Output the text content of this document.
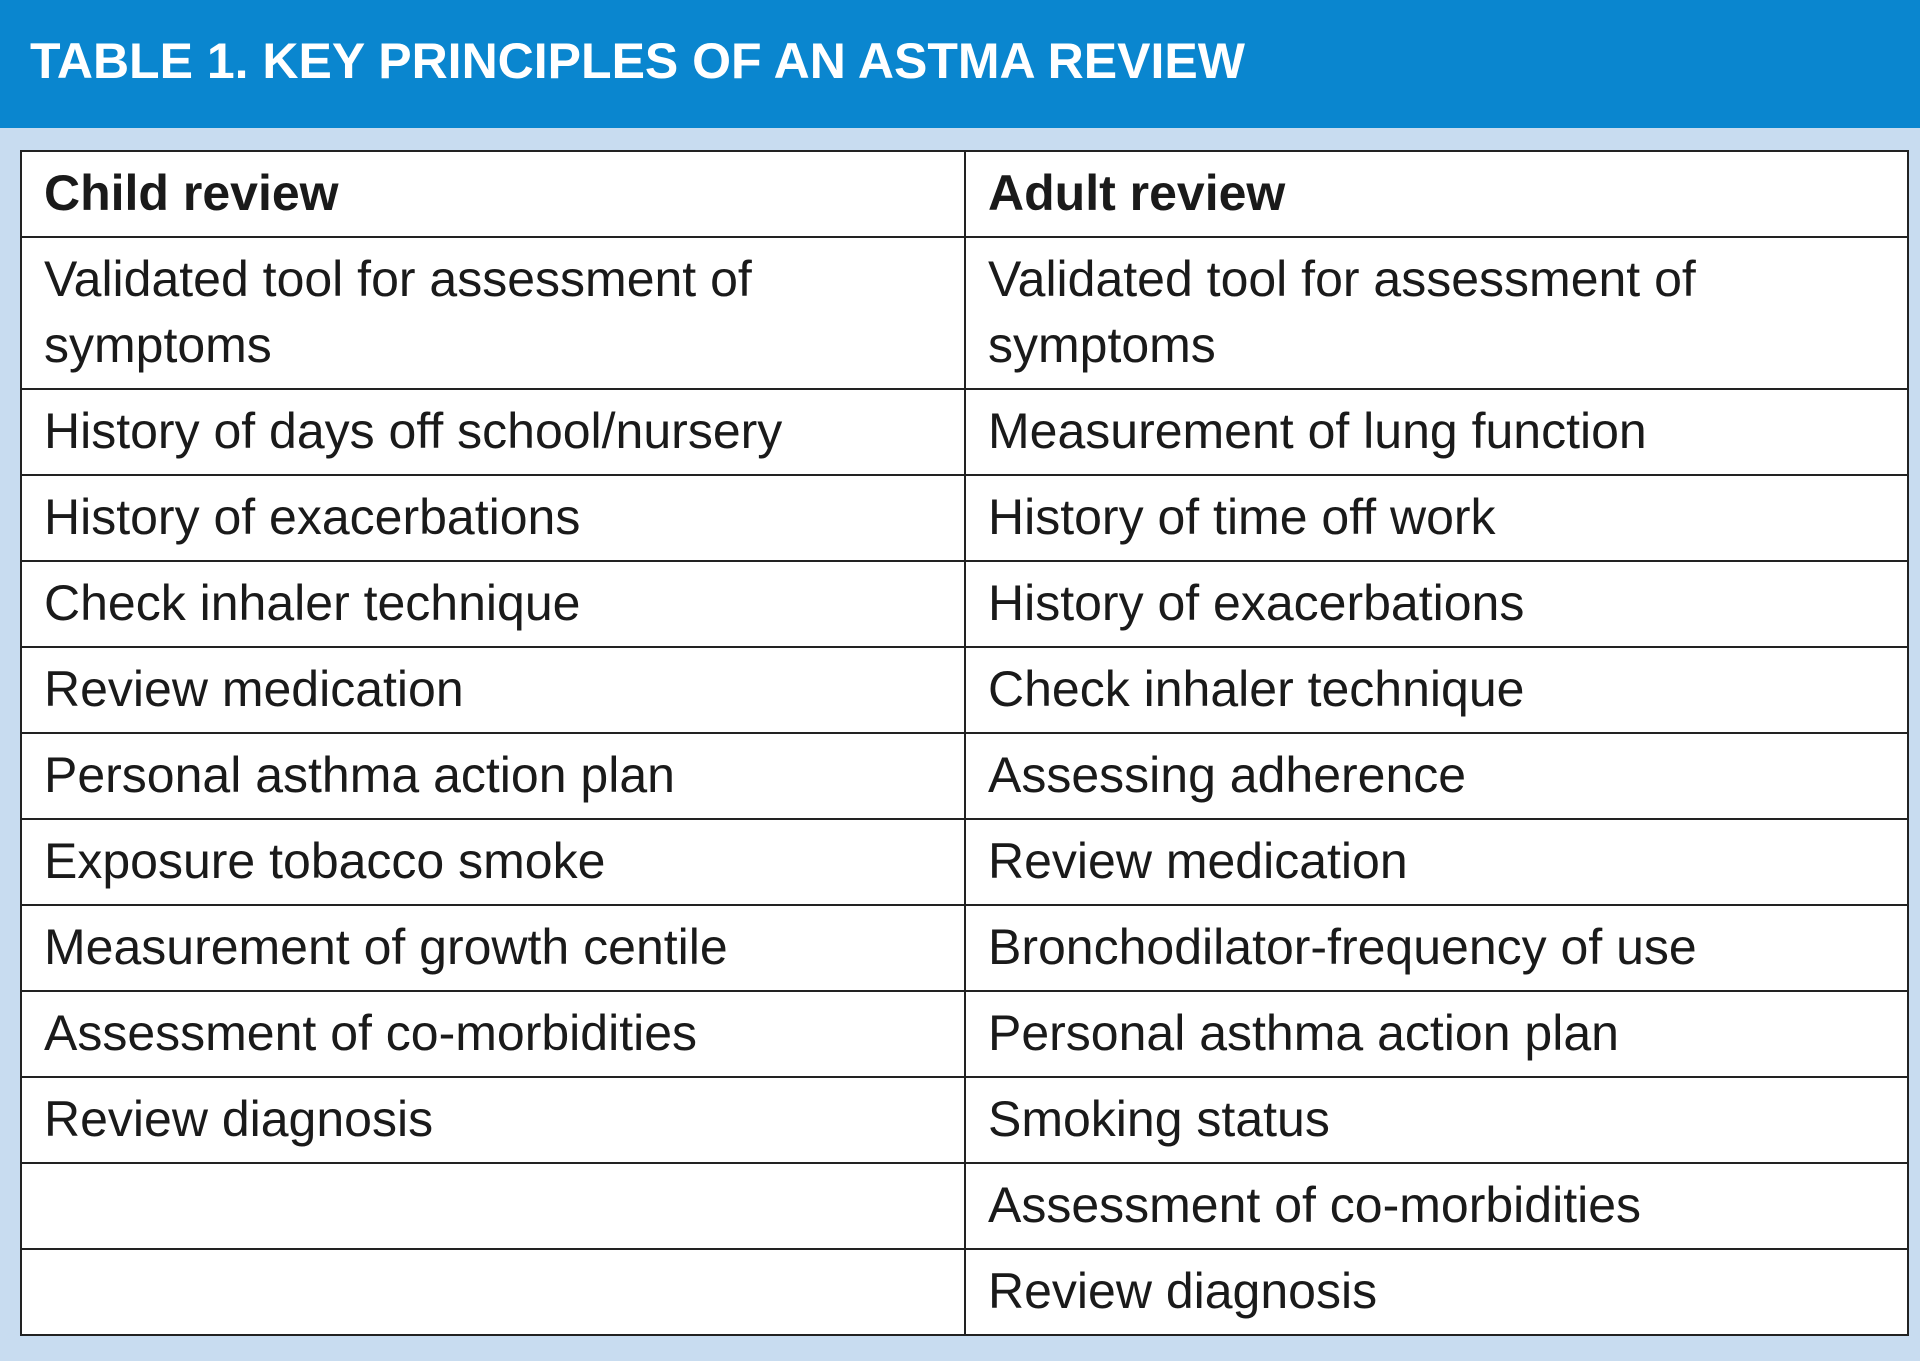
TABLE 1. KEY PRINCIPLES OF AN ASTMA REVIEW
Child review	Adult review
Validated tool for assessment of symptoms	Validated tool for assessment of symptoms
History of days off school/nursery	Measurement of lung function
History of exacerbations	History of time off work
Check inhaler technique	History of exacerbations
Review medication	Check inhaler technique
Personal asthma action plan	Assessing adherence
Exposure tobacco smoke	Review medication
Measurement of growth centile	Bronchodilator-frequency of use
Assessment of co-morbidities	Personal asthma action plan
Review diagnosis	Smoking status
	Assessment of co-morbidities
	Review diagnosis
